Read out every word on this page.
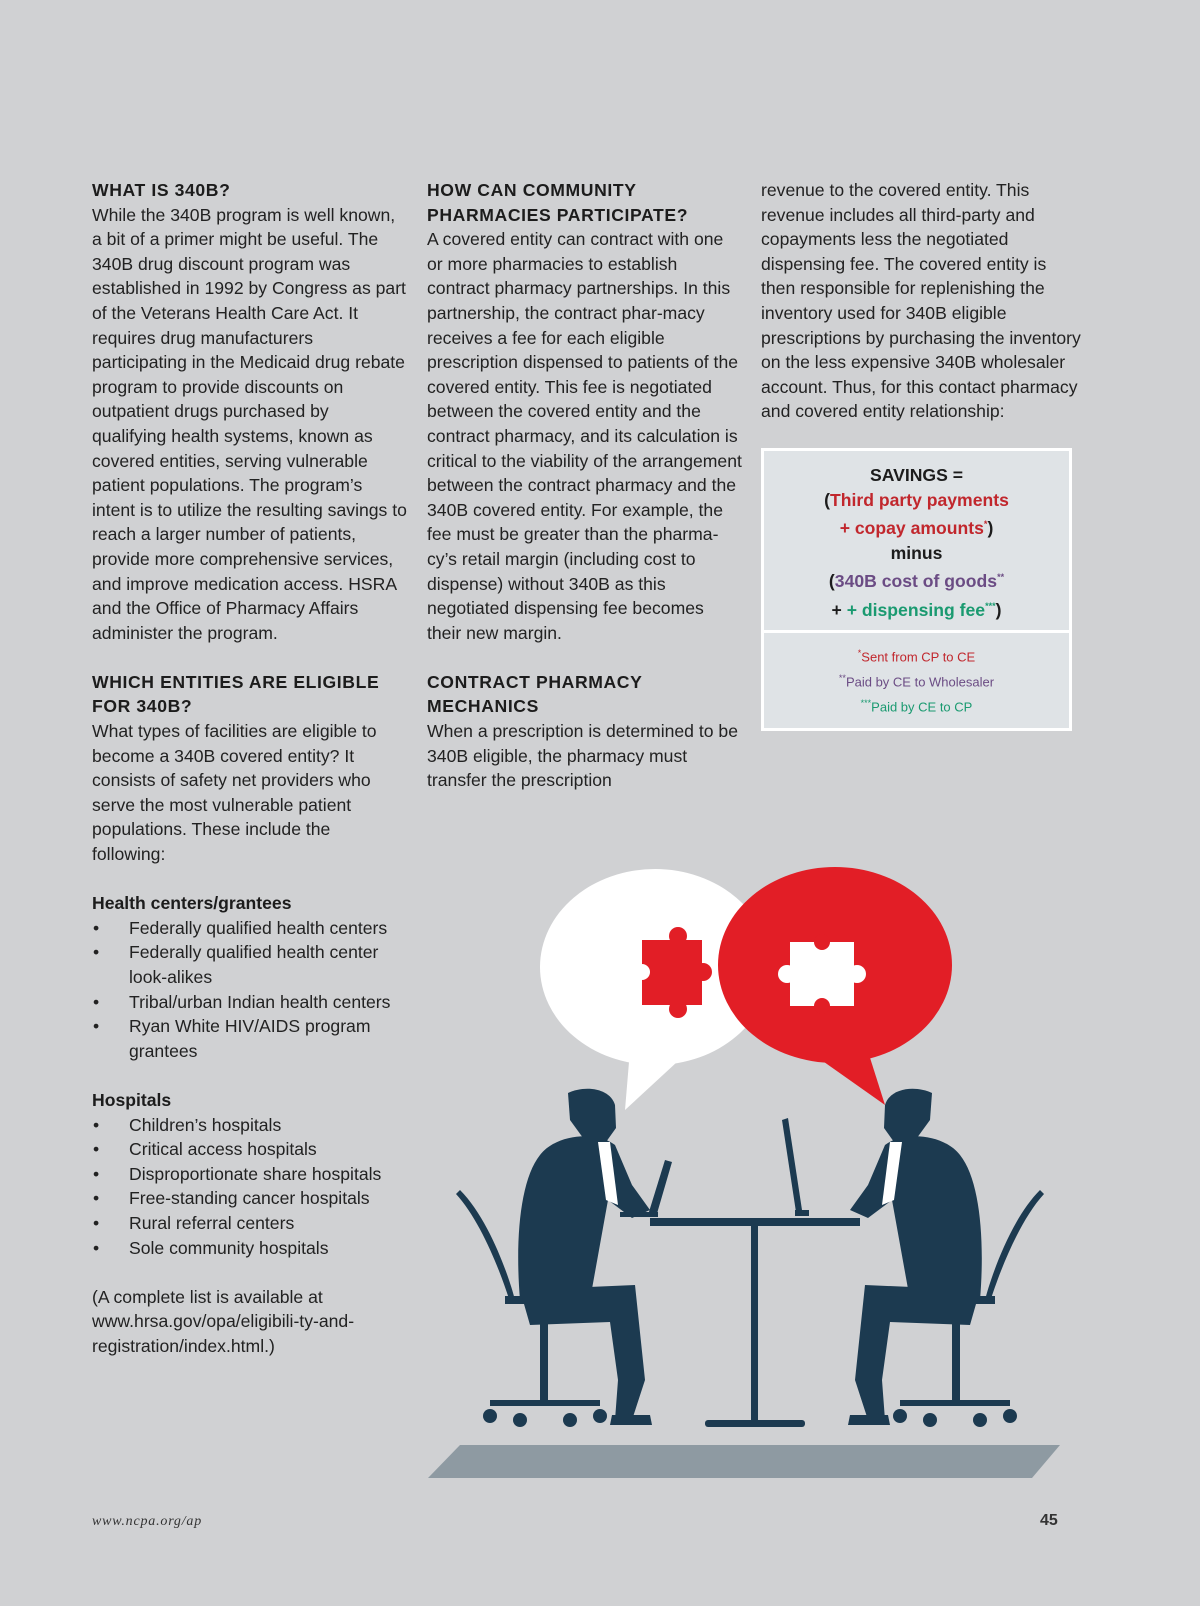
WHAT IS 340B?

While the 340B program is well known, a bit of a primer might be useful. The 340B drug discount program was established in 1992 by Congress as part of the Veterans Health Care Act. It requires drug manufacturers participating in the Medicaid drug rebate program to provide discounts on outpatient drugs purchased by qualifying health systems, known as covered entities, serving vulnerable patient populations. The program’s intent is to utilize the resulting savings to reach a larger number of patients, provide more comprehensive services, and improve medication access. HSRA and the Office of Pharmacy Affairs administer the program.

WHICH ENTITIES ARE ELIGIBLE FOR 340B?

What types of facilities are eligible to become a 340B covered entity? It consists of safety net providers who serve the most vulnerable patient populations. These include the following:

Health centers/grantees
• Federally qualified health centers
• Federally qualified health center look-alikes
• Tribal/urban Indian health centers
• Ryan White HIV/AIDS program grantees
Hospitals
• Children’s hospitals
• Critical access hospitals
• Disproportionate share hospitals
• Free-standing cancer hospitals
• Rural referral centers
• Sole community hospitals

(A complete list is available at www.hrsa.gov/opa/eligibili-ty-and-registration/index.html.)

HOW CAN COMMUNITY PHARMACIES PARTICIPATE?

A covered entity can contract with one or more pharmacies to establish contract pharmacy partnerships. In this partnership, the contract phar-macy receives a fee for each eligible prescription dispensed to patients of the covered entity. This fee is negotiated between the covered entity and the contract pharmacy, and its calculation is critical to the viability of the arrangement between the contract pharmacy and the 340B covered entity. For example, the fee must be greater than the pharma-cy’s retail margin (including cost to dispense) without 340B as this negotiated dispensing fee becomes their new margin.

CONTRACT PHARMACY MECHANICS

When a prescription is determined to be 340B eligible, the pharmacy must transfer the prescription

revenue to the covered entity. This revenue includes all third-party and copayments less the negotiated dispensing fee. The covered entity is then responsible for replenishing the inventory used for 340B eligible prescriptions by purchasing the inventory on the less expensive 340B wholesaler account. Thus, for this contact pharmacy and covered entity relationship:

SAVINGS =
(Third party payments
+ copay amounts*)
minus
(340B cost of goods**
+ + dispensing fee***)
*Sent from CP to CE
**Paid by CE to Wholesaler
***Paid by CE to CP
www.ncpa.org/ap	45
